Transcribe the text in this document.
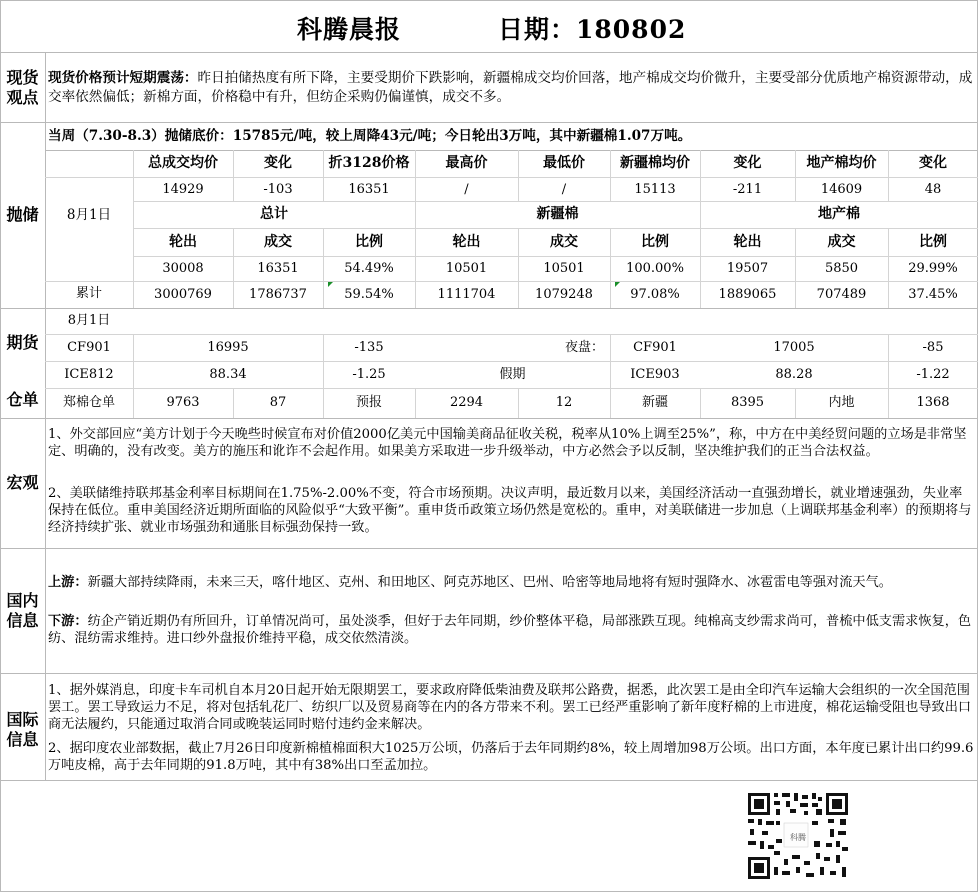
科腾晨报	日期：180802
现货观点
抛储
期货
仓单
宏观
国内信息
国际信息
现货价格预计短期震荡：昨日拍储热度有所下降，主要受期价下跌影响，新疆棉成交均价回落，地产棉成交均价微升，主要受部分优质地产棉资源带动，成交率依然偏低；新棉方面，价格稳中有升，但纺企采购仍偏谨慎，成交不多。
当周（7.30-8.3）抛储底价：15785元/吨，较上周降43元/吨；今日轮出3万吨，其中新疆棉1.07万吨。
总成交均价	变化	折3128价格	最高价	最低价	新疆棉均价	变化	地产棉均价	变化
14929	-103	16351	/	/	15113	-211	14609	48
8月1日	总计	新疆棉	地产棉
轮出	成交	比例	轮出	成交	比例	轮出	成交	比例
30008	16351	54.49%	10501	10501	100.00%	19507	5850	29.99%
累计	3000769	1786737	59.54%	1111704	1079248	97.08%	1889065	707489	37.45%
8月1日
CF901	16995	-135	夜盘：	CF901	17005	-85
ICE812	88.34	-1.25	假期	ICE903	88.28	-1.22
郑棉仓单	9763	87	预报	2294	12	新疆	8395	内地	1368
1、外交部回应“美方计划于今天晚些时候宣布对价值2000亿美元中国输美商品征收关税，税率从10%上调至25%”，称，中方在中美经贸问题的立场是非常坚定、明确的，没有改变。美方的施压和讹诈不会起作用。如果美方采取进一步升级举动，中方必然会予以反制，坚决维护我们的正当合法权益。
2、美联储维持联邦基金利率目标期间在1.75%-2.00%不变，符合市场预期。决议声明，最近数月以来，美国经济活动一直强劲增长，就业增速强劲，失业率保持在低位。重申美国经济近期所面临的风险似乎“大致平衡”。重申货币政策立场仍然是宽松的。重申，对美联储进一步加息（上调联邦基金利率）的预期将与经济持续扩张、就业市场强劲和通胀目标强劲保持一致。
上游：新疆大部持续降雨，未来三天，喀什地区、克州、和田地区、阿克苏地区、巴州、哈密等地局地将有短时强降水、冰雹雷电等强对流天气。
下游：纺企产销近期仍有所回升，订单情况尚可，虽处淡季，但好于去年同期，纱价整体平稳，局部涨跌互现。纯棉高支纱需求尚可，普梳中低支需求恢复，色纺、混纺需求维持。进口纱外盘报价维持平稳，成交依然清淡。
1、据外媒消息，印度卡车司机自本月20日起开始无限期罢工，要求政府降低柴油费及联邦公路费，据悉，此次罢工是由全印汽车运输大会组织的一次全国范围罢工。罢工导致运力不足，将对包括轧花厂、纺织厂以及贸易商等在内的各方带来不利。罢工已经严重影响了新年度籽棉的上市进度，棉花运输受阻也导致出口商无法履约，只能通过取消合同或晚装运同时赔付违约金来解决。
2、据印度农业部数据，截止7月26日印度新棉植棉面积大1025万公顷，仍落后于去年同期约8%，较上周增加98万公顷。出口方面，本年度已累计出口约99.6万吨皮棉，高于去年同期的91.8万吨，其中有38%出口至孟加拉。
科腾
